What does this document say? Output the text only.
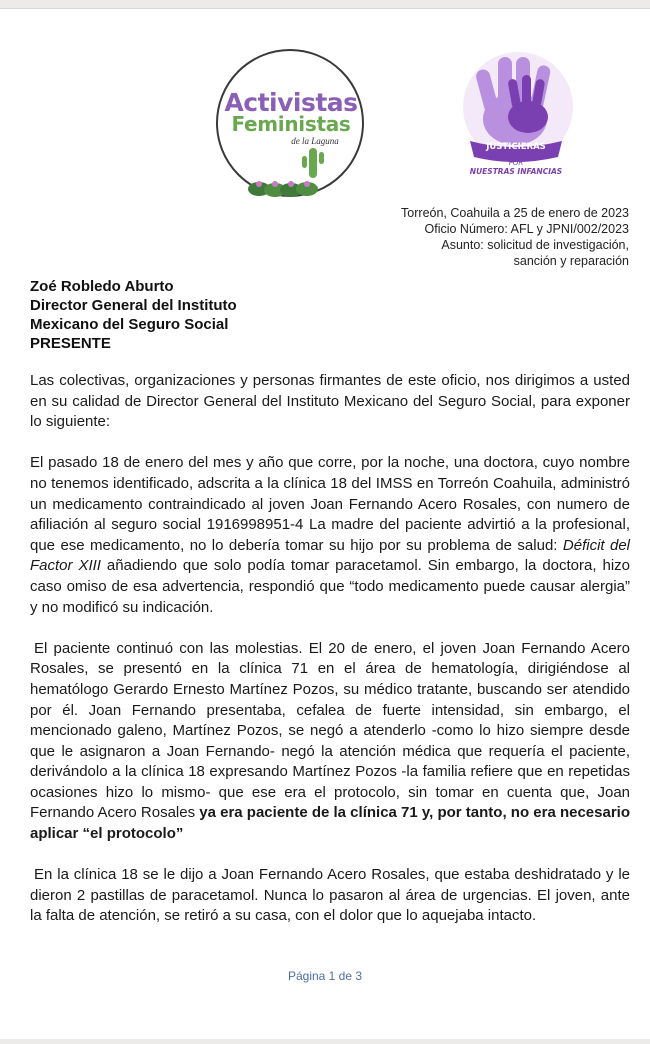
Activistas
Feministas
de la Laguna
JUSTICIERAS
POR
NUESTRAS INFANCIAS
Torreón, Coahuila a 25 de enero de 2023
Oficio Número: AFL y JPNI/002/2023
Asunto: solicitud de investigación,
sanción y reparación
Zoé Robledo Aburto
Director General del Instituto
Mexicano del Seguro Social
PRESENTE

Las colectivas, organizaciones y personas firmantes de este oficio, nos dirigimos a usted en su calidad de Director General del Instituto Mexicano del Seguro Social, para exponer lo siguiente:

El pasado 18 de enero del mes y año que corre, por la noche, una doctora, cuyo nombre no tenemos identificado, adscrita a la clínica 18 del IMSS en Torreón Coahuila, administró un medicamento contraindicado al joven Joan Fernando Acero Rosales, con numero de afiliación al seguro social 1916998951-4 La madre del paciente advirtió a la profesional, que ese medicamento, no lo debería tomar su hijo por su problema de salud: Déficit del Factor XIII añadiendo que solo podía tomar paracetamol. Sin embargo, la doctora, hizo caso omiso de esa advertencia, respondió que “todo medicamento puede causar alergia” y no modificó su indicación.

El paciente continuó con las molestias. El 20 de enero, el joven Joan Fernando Acero Rosales, se presentó en la clínica 71 en el área de hematología, dirigiéndose al hematólogo Gerardo Ernesto Martínez Pozos, su médico tratante, buscando ser atendido por él. Joan Fernando presentaba, cefalea de fuerte intensidad, sin embargo, el mencionado galeno, Martínez Pozos, se negó a atenderlo -como lo hizo siempre desde que le asignaron a Joan Fernando- negó la atención médica que requería el paciente, derivándolo a la clínica 18 expresando Martínez Pozos -la familia refiere que en repetidas ocasiones hizo lo mismo- que ese era el protocolo, sin tomar en cuenta que, Joan Fernando Acero Rosales ya era paciente de la clínica 71 y, por tanto, no era necesario aplicar “el protocolo”

En la clínica 18 se le dijo a Joan Fernando Acero Rosales, que estaba deshidratado y le dieron 2 pastillas de paracetamol. Nunca lo pasaron al área de urgencias. El joven, ante la falta de atención, se retiró a su casa, con el dolor que lo aquejaba intacto.

Página 1 de 3
